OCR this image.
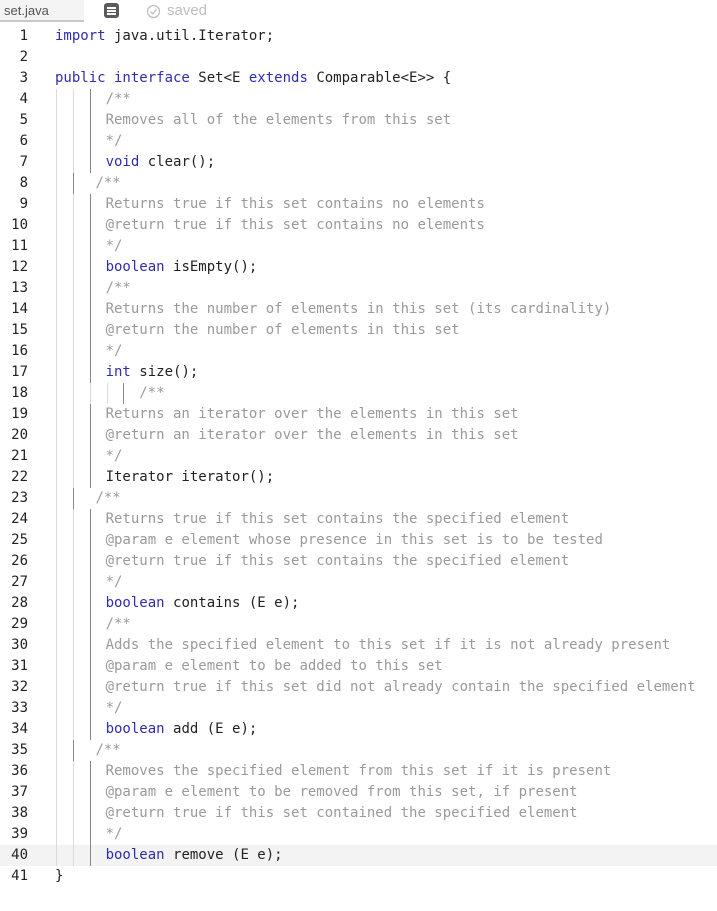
set.java	saved
1 import java.util.Iterator;
2
3 public interface Set<E extends Comparable<E>> {
4	/**
5	Removes all of the elements from this set
6	*/
7	void clear();
8	/**
9	Returns true if this set contains no elements
10	@return true if this set contains no elements
11	*/
12	boolean isEmpty();
13	/**
14	Returns the number of elements in this set (its cardinality)
15	@return the number of elements in this set
16	*/
17	int size();
18	/**
19	Returns an iterator over the elements in this set
20	@return an iterator over the elements in this set
21	*/
22	Iterator iterator();
23	/**
24	Returns true if this set contains the specified element
25	@param e element whose presence in this set is to be tested
26	@return true if this set contains the specified element
27	*/
28	boolean contains (E e);
29	/**
30	Adds the specified element to this set if it is not already present
31	@param e element to be added to this set
32	@return true if this set did not already contain the specified element
33	*/
34	boolean add (E e);
35	/**
36	Removes the specified element from this set if it is present
37	@param e element to be removed from this set, if present
38	@return true if this set contained the specified element
39	*/
40	boolean remove (E e);
41 }
